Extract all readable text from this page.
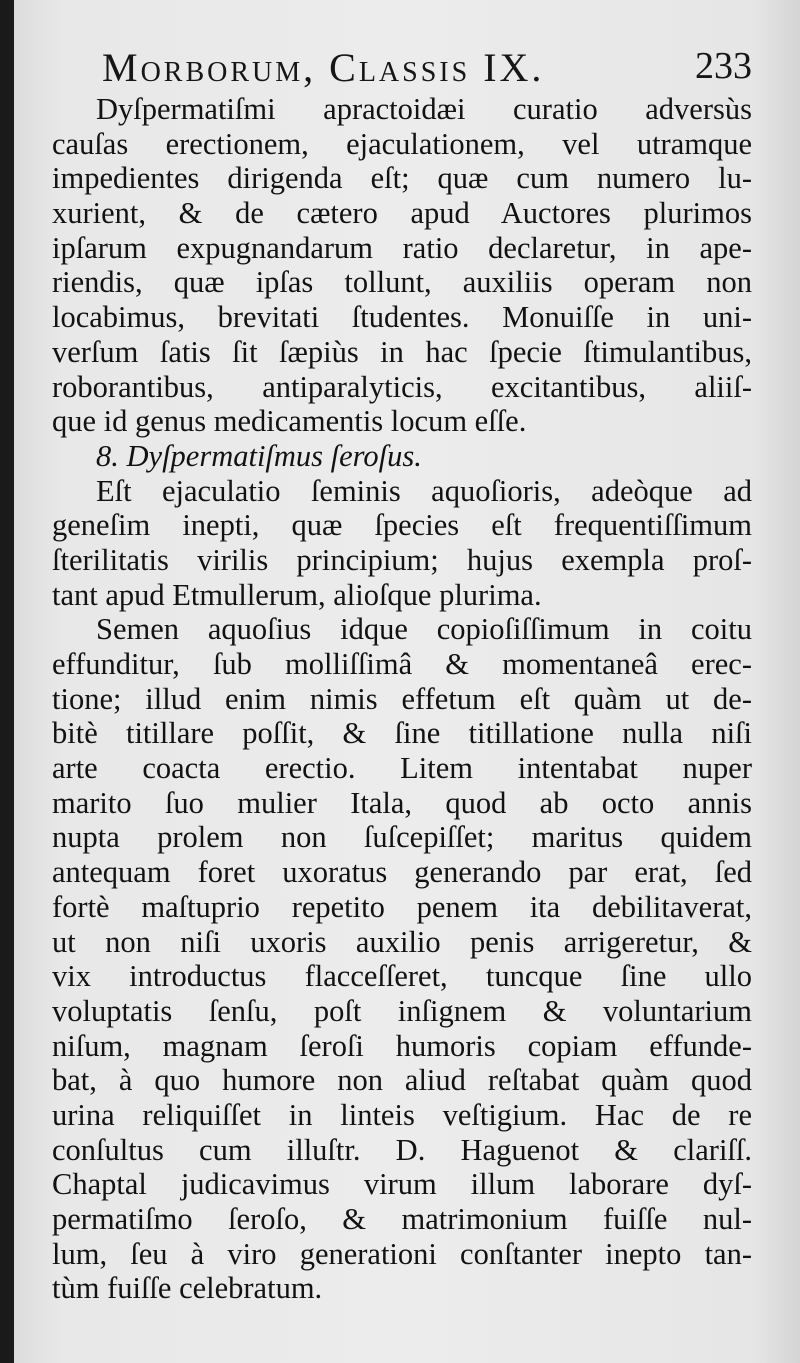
Morborum, Classis IX.	233
Dyſpermatiſmi apractoidæi curatio adversùs
cauſas erectionem, ejaculationem, vel utramque
impedientes dirigenda eſt; quæ cum numero lu-
xurient, & de cætero apud Auctores plurimos
ipſarum expugnandarum ratio declaretur, in ape-
riendis, quæ ipſas tollunt, auxiliis operam non
locabimus, brevitati ſtudentes. Monuiſſe in uni-
verſum ſatis ſit ſæpiùs in hac ſpecie ſtimulantibus,
roborantibus, antiparalyticis, excitantibus, aliiſ-
que id genus medicamentis locum eſſe.
8. Dyſpermatiſmus ſeroſus.
Eſt ejaculatio ſeminis aquoſioris, adeòque ad
geneſim inepti, quæ ſpecies eſt frequentiſſimum
ſterilitatis virilis principium; hujus exempla proſ-
tant apud Etmullerum, alioſque plurima.
Semen aquoſius idque copioſiſſimum in coitu
effunditur, ſub molliſſimâ & momentaneâ erec-
tione; illud enim nimis effetum eſt quàm ut de-
bitè titillare poſſit, & ſine titillatione nulla niſi
arte coacta erectio. Litem intentabat nuper
marito ſuo mulier Itala, quod ab octo annis
nupta prolem non ſuſcepiſſet; maritus quidem
antequam foret uxoratus generando par erat, ſed
fortè maſtuprio repetito penem ita debilitaverat,
ut non niſi uxoris auxilio penis arrigeretur, &
vix introductus flacceſſeret, tuncque ſine ullo
voluptatis ſenſu, poſt inſignem & voluntarium
niſum, magnam ſeroſi humoris copiam effunde-
bat, à quo humore non aliud reſtabat quàm quod
urina reliquiſſet in linteis veſtigium. Hac de re
conſultus cum illuſtr. D. Haguenot & clariſſ.
Chaptal judicavimus virum illum laborare dyſ-
permatiſmo ſeroſo, & matrimonium fuiſſe nul-
lum, ſeu à viro generationi conſtanter inepto tan-
tùm fuiſſe celebratum.
